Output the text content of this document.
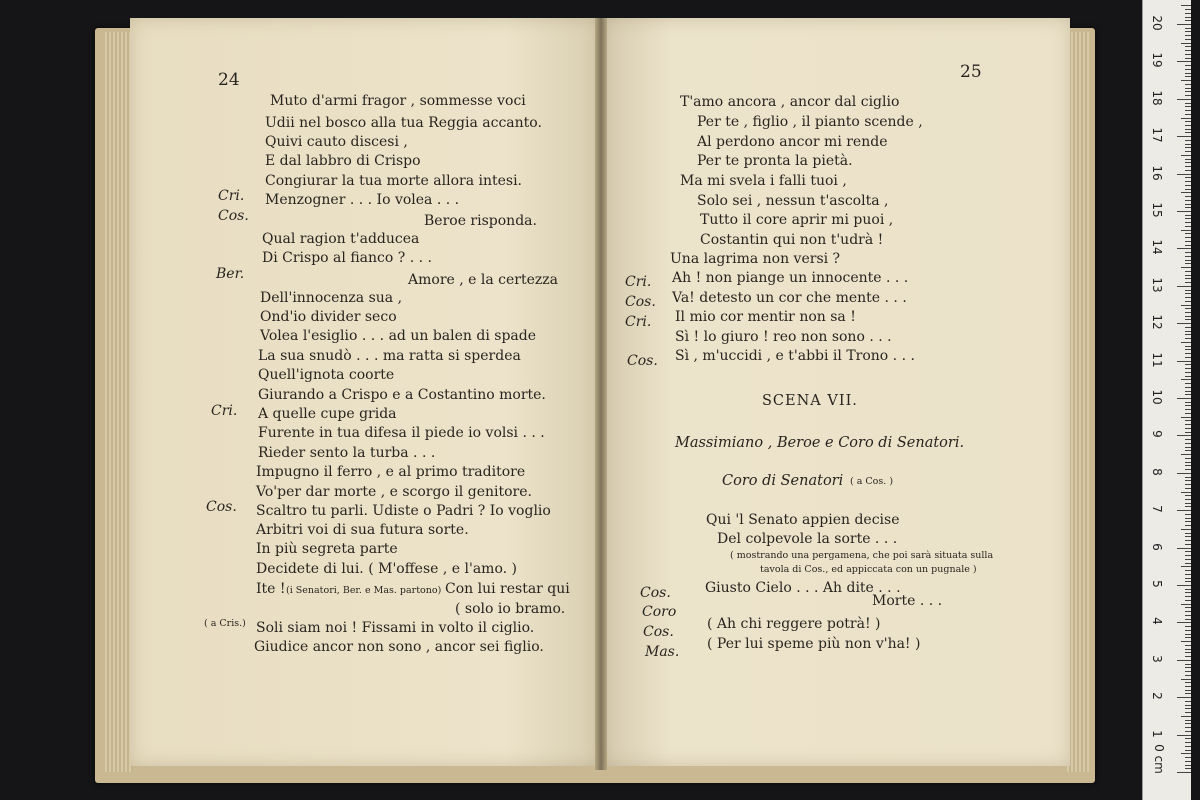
24
Muto d'armi fragor , sommesse voci
Udii nel bosco alla tua Reggia accanto.
Quivi cauto discesi ,
E dal labbro di Crispo
Congiurar la tua morte allora intesi.
Cri. Menzogner . . . Io volea . . .
Cos.	Beroe risponda.
Qual ragion t'adducea
Di Crispo al fianco ? . . .
Ber.	Amore , e la certezza
Dell'innocenza sua ,
Ond'io divider seco
Volea l'esiglio . . . ad un balen di spade
La sua snudò . . . ma ratta si sperdea
Quell'ignota coorte
Giurando a Crispo e a Costantino morte.
Cri. A quelle cupe grida
Furente in tua difesa il piede io volsi . . .
Rieder sento la turba . . .
Impugno il ferro , e al primo traditore
Vo'per dar morte , e scorgo il genitore.
Cos. Scaltro tu parli. Udiste o Padri ? Io voglio
Arbitri voi di sua futura sorte.
In più segreta parte
Decidete di lui. ( M'offese , e l'amo. )
Ite ! (i Senatori, Ber. e Mas. partono) Con lui restar qui
( solo io bramo.
( a Cris.) Soli siam noi ! Fissami in volto il ciglio.
Giudice ancor non sono , ancor sei figlio.
25
T'amo ancora , ancor dal ciglio
Per te , figlio , il pianto scende ,
Al perdono ancor mi rende
Per te pronta la pietà.
Ma mi svela i falli tuoi ,
Solo sei , nessun t'ascolta ,
Tutto il core aprir mi puoi ,
Costantin qui non t'udrà !
Una lagrima non versi ?
Cri. Ah ! non piange un innocente . . .
Cos. Va! detesto un cor che mente . . .
Cri. Il mio cor mentir non sa !
Sì ! lo giuro ! reo non sono . . .
Cos. Sì , m'uccidi , e t'abbi il Trono . . .
SCENA VII.
Massimiano , Beroe e Coro di Senatori.
Coro di Senatori ( a Cos. )
Qui 'l Senato appien decise
Del colpevole la sorte . . .
( mostrando una pergamena, che poi sarà situata sulla
tavola di Cos., ed appiccata con un pugnale )
Cos. Giusto Cielo . . . Ah dite . . .
Morte . . .
Coro
Cos. ( Ah chi reggere potrà! )
Mas. ( Per lui speme più non v'ha! )
0 cm
1
2
3
4
5
6
7
8
9
10
11
12
13
14
15
16
17
18
19
20
